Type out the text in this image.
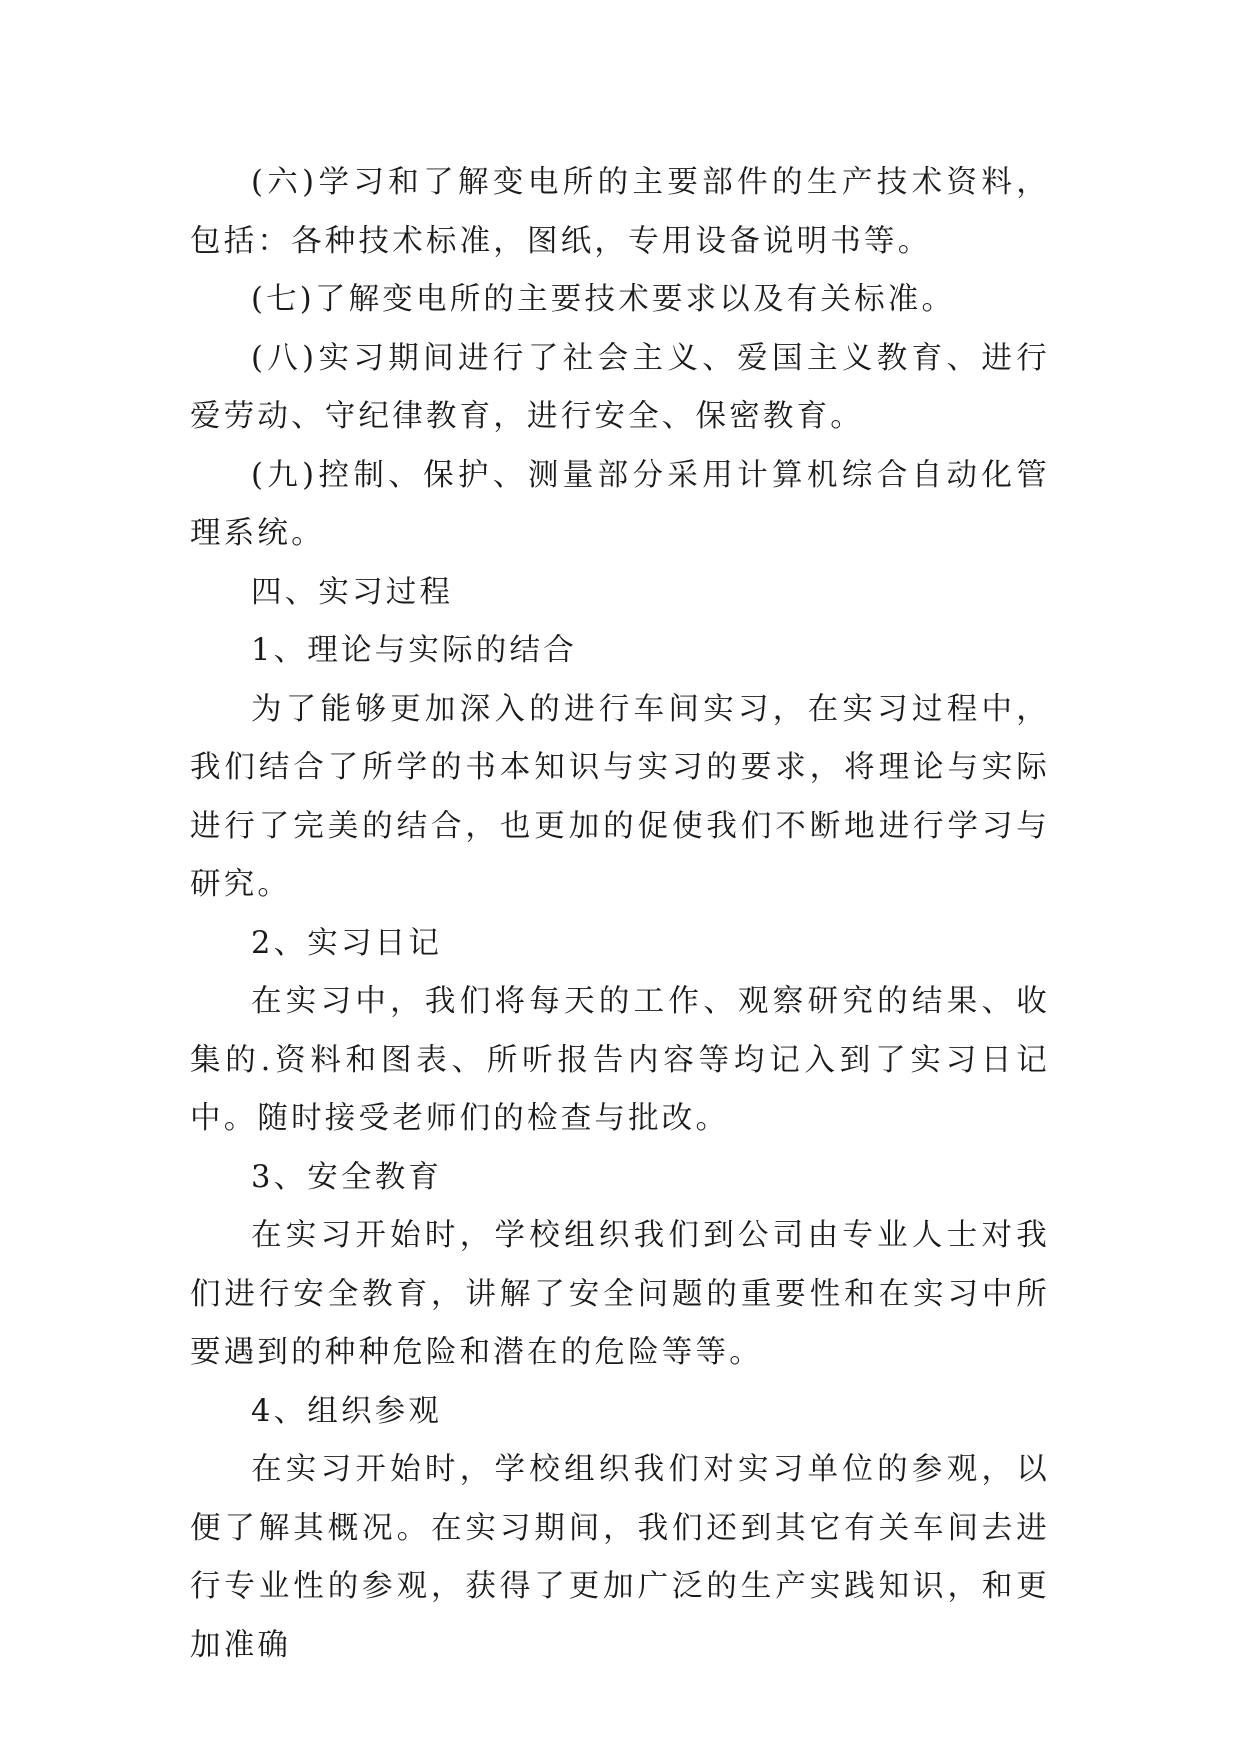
(六)学习和了解变电所的主要部件的生产技术资料，包括：各种技术标准，图纸，专用设备说明书等。

(七)了解变电所的主要技术要求以及有关标准。

(八)实习期间进行了社会主义、爱国主义教育、进行爱劳动、守纪律教育，进行安全、保密教育。

(九)控制、保护、测量部分采用计算机综合自动化管理系统。

四、实习过程

1、理论与实际的结合

为了能够更加深入的进行车间实习，在实习过程中，我们结合了所学的书本知识与实习的要求，将理论与实际进行了完美的结合，也更加的促使我们不断地进行学习与研究。

2、实习日记

在实习中，我们将每天的工作、观察研究的结果、收集的.资料和图表、所听报告内容等均记入到了实习日记中。随时接受老师们的检查与批改。

3、安全教育

在实习开始时，学校组织我们到公司由专业人士对我们进行安全教育，讲解了安全问题的重要性和在实习中所要遇到的种种危险和潜在的危险等等。

4、组织参观

在实习开始时，学校组织我们对实习单位的参观，以便了解其概况。在实习期间，我们还到其它有关车间去进行专业性的参观，获得了更加广泛的生产实践知识，和更加准确
